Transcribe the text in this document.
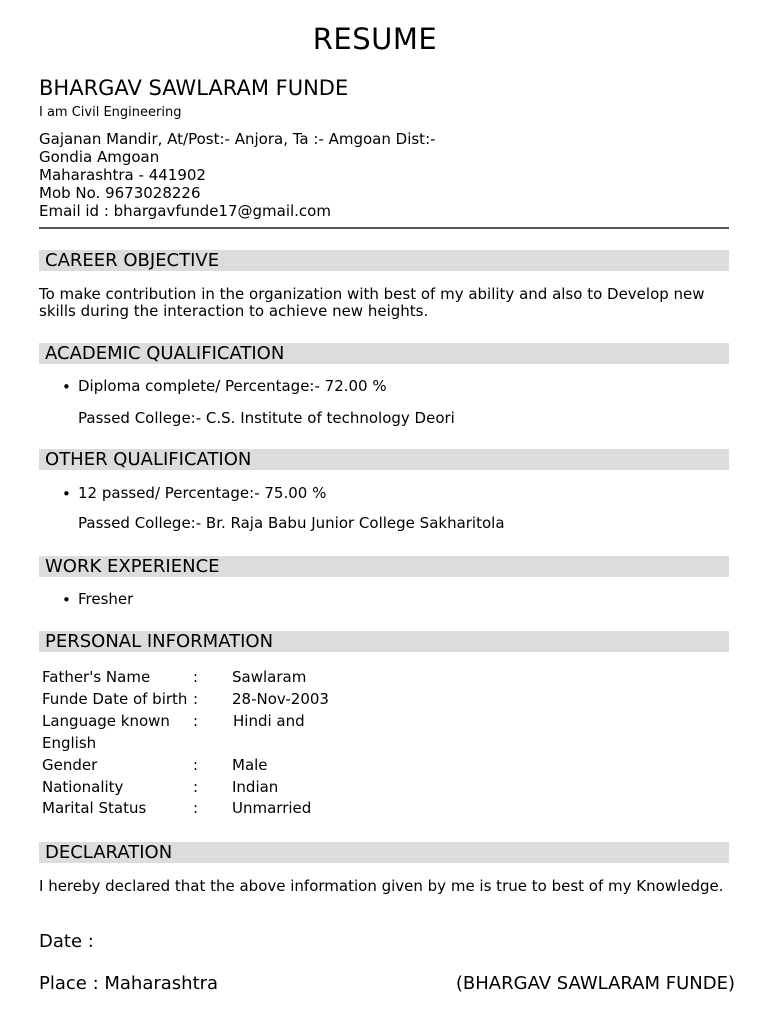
RESUME
BHARGAV SAWLARAM FUNDE
I am Civil Engineering
Gajanan Mandir, At/Post:- Anjora, Ta :- Amgoan Dist:-
Gondia Amgoan
Maharashtra - 441902
Mob No. 9673028226
Email id : bhargavfunde17@gmail.com
CAREER OBJECTIVE
To make contribution in the organization with best of my ability and also to Develop new skills during the interaction to achieve new heights.
ACADEMIC QUALIFICATION
• Diploma complete/ Percentage:- 72.00 %
Passed College:- C.S. Institute of technology Deori
OTHER QUALIFICATION
• 12 passed/ Percentage:- 75.00 %
Passed College:- Br. Raja Babu Junior College Sakharitola
WORK EXPERIENCE
• Fresher
PERSONAL INFORMATION
Father's Name	: Sawlaram
Funde Date of birth : 28-Nov-2003
Language known : Hindi and
English
Gender	: Male
Nationality	: Indian
Marital Status	: Unmarried
DECLARATION
I hereby declared that the above information given by me is true to best of my Knowledge.
Date :
Place : Maharashtra	(BHARGAV SAWLARAM FUNDE)
